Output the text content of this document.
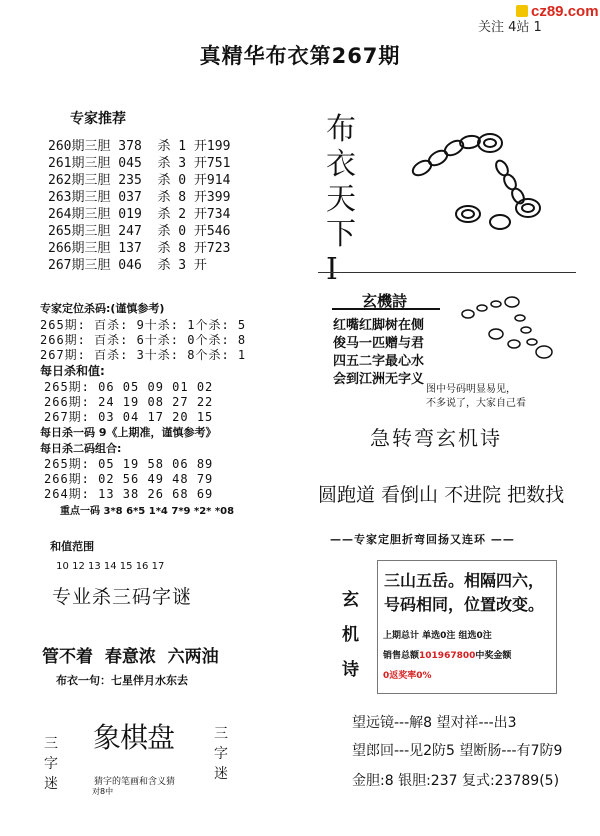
cz89.com
关注 4站 1
真精华布衣第267期
专家推荐
260期三胆 378  杀 1 开199
261期三胆 045  杀 3 开751
262期三胆 235  杀 0 开914
263期三胆 037  杀 8 开399
264期三胆 019  杀 2 开734
265期三胆 247  杀 0 开546
266期三胆 137  杀 8 开723
267期三胆 046  杀 3 开
专家定位杀码:(谨慎参考)
265期: 百杀: 9十杀: 1个杀: 5
266期: 百杀: 6十杀: 0个杀: 8
267期: 百杀: 3十杀: 8个杀: 1
每日杀和值:
265期: 06 05 09 01 02
266期: 24 19 08 27 22
267期: 03 04 17 20 15
每日杀一码 9《上期准，谨慎参考》
每日杀二码组合:
265期: 05 19 58 06 89
266期: 02 56 49 48 79
264期: 13 38 26 68 69
重点一码 3*8 6*5 1*4 7*9 *2* *08

和值范围
10 12 13 14 15 16 17

布
衣
天
下
I
玄機詩
红嘴红脚树在侧
俊马一匹赠与君
四五二字最心水
会到江洲无字义
图中号码明显易见，
不多说了，大家自己看
急转弯玄机诗
圆跑道 看倒山 不进院 把数找
——专家定胆折弯回扬又连环 ——
玄
机
诗
三山五岳。相隔四六，
号码相同，位置改变。
上期总计 单选0注 组选0注
销售总额101967800中奖金额
0返奖率0%
望远镜---解8 望对祥---出3
望郎回---见2防5 望断肠---有7防9
金胆:8 银胆:237 复式:23789(5)
专业杀三码字谜
管不着  春意浓  六两油
布衣一句：七星伴月水东去
三
字
迷
三
字
迷
象棋盘
猜字的笔画和含义猜
对8中
